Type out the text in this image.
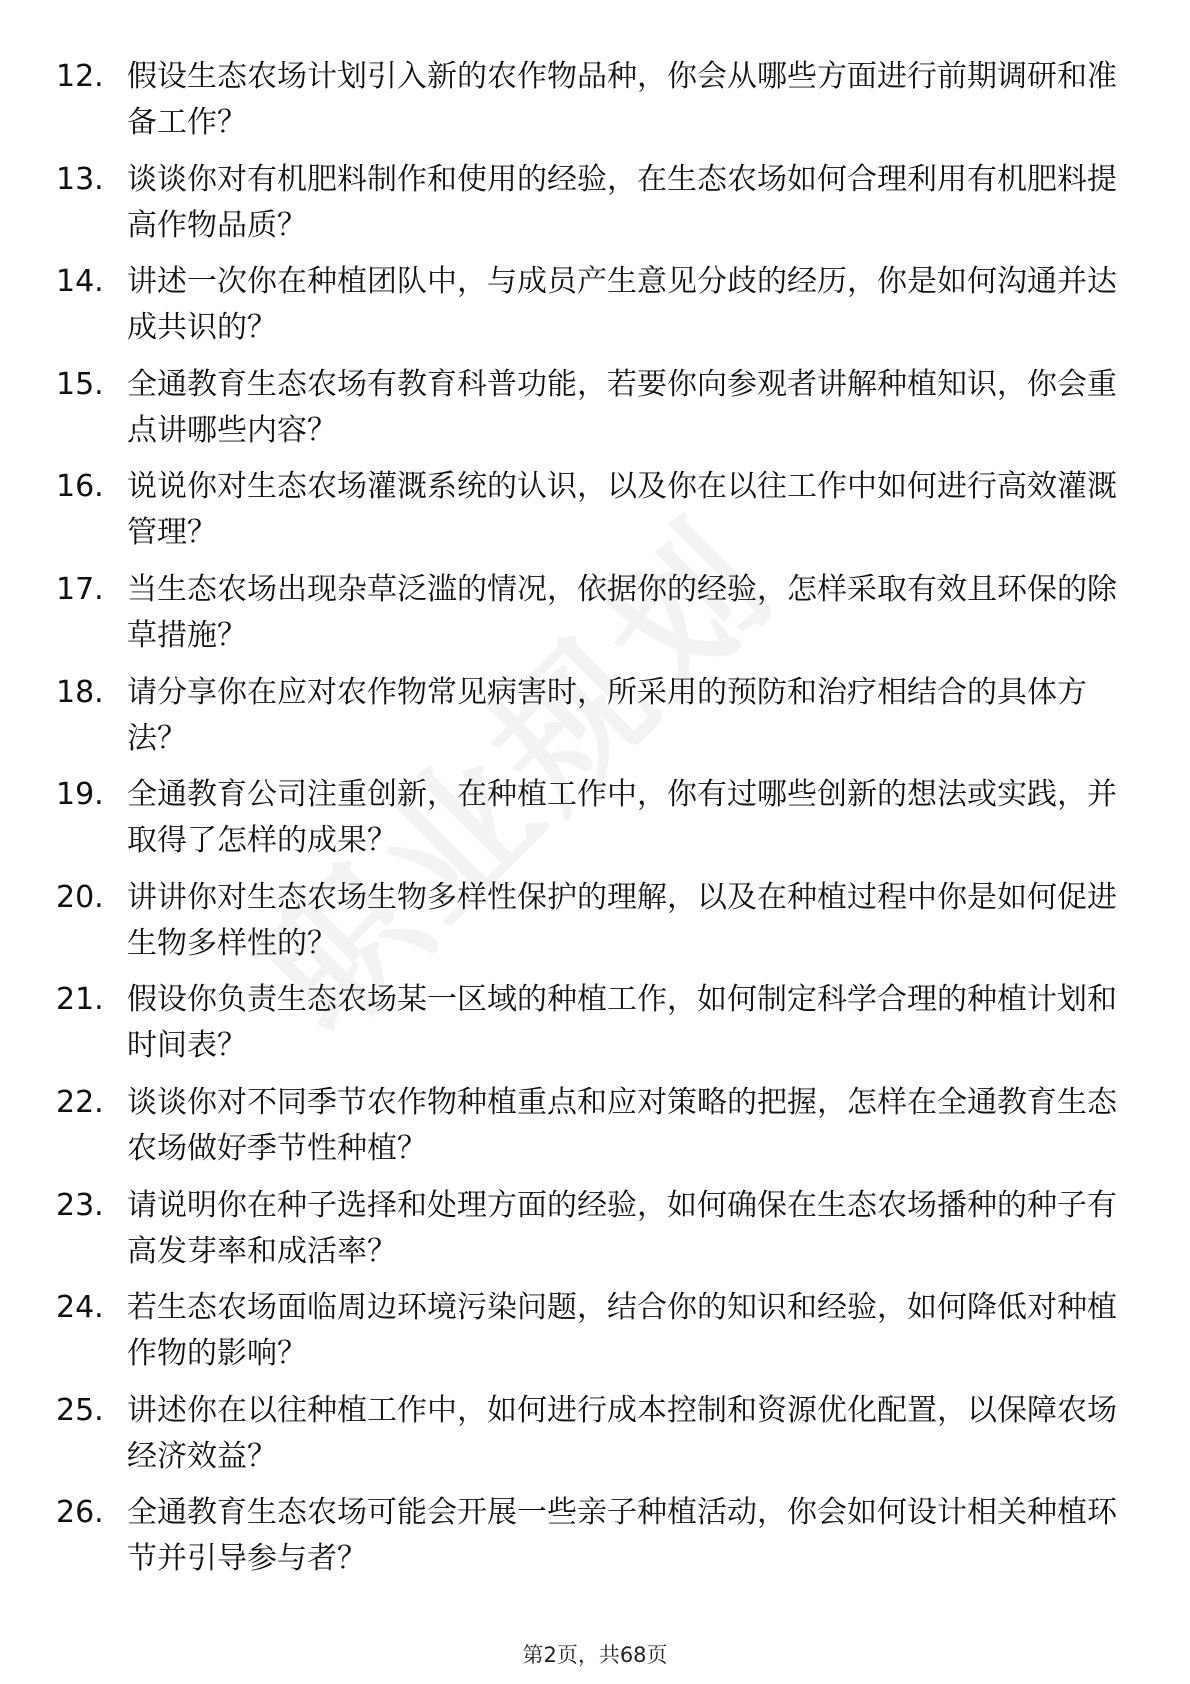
12. 假设生态农场计划引入新的农作物品种，你会从哪些方面进行前期调研和准备工作？
13. 谈谈你对有机肥料制作和使用的经验，在生态农场如何合理利用有机肥料提高作物品质？
14. 讲述一次你在种植团队中，与成员产生意见分歧的经历，你是如何沟通并达成共识的？
15. 全通教育生态农场有教育科普功能，若要你向参观者讲解种植知识，你会重点讲哪些内容？
16. 说说你对生态农场灌溉系统的认识，以及你在以往工作中如何进行高效灌溉管理？
17. 当生态农场出现杂草泛滥的情况，依据你的经验，怎样采取有效且环保的除草措施？
18. 请分享你在应对农作物常见病害时，所采用的预防和治疗相结合的具体方法？
19. 全通教育公司注重创新，在种植工作中，你有过哪些创新的想法或实践，并取得了怎样的成果？
20. 讲讲你对生态农场生物多样性保护的理解，以及在种植过程中你是如何促进生物多样性的？
21. 假设你负责生态农场某一区域的种植工作，如何制定科学合理的种植计划和时间表？
22. 谈谈你对不同季节农作物种植重点和应对策略的把握，怎样在全通教育生态农场做好季节性种植？
23. 请说明你在种子选择和处理方面的经验，如何确保在生态农场播种的种子有高发芽率和成活率？
24. 若生态农场面临周边环境污染问题，结合你的知识和经验，如何降低对种植作物的影响？
25. 讲述你在以往种植工作中，如何进行成本控制和资源优化配置，以保障农场经济效益？
26. 全通教育生态农场可能会开展一些亲子种植活动，你会如何设计相关种植环节并引导参与者？
第2页，共68页
